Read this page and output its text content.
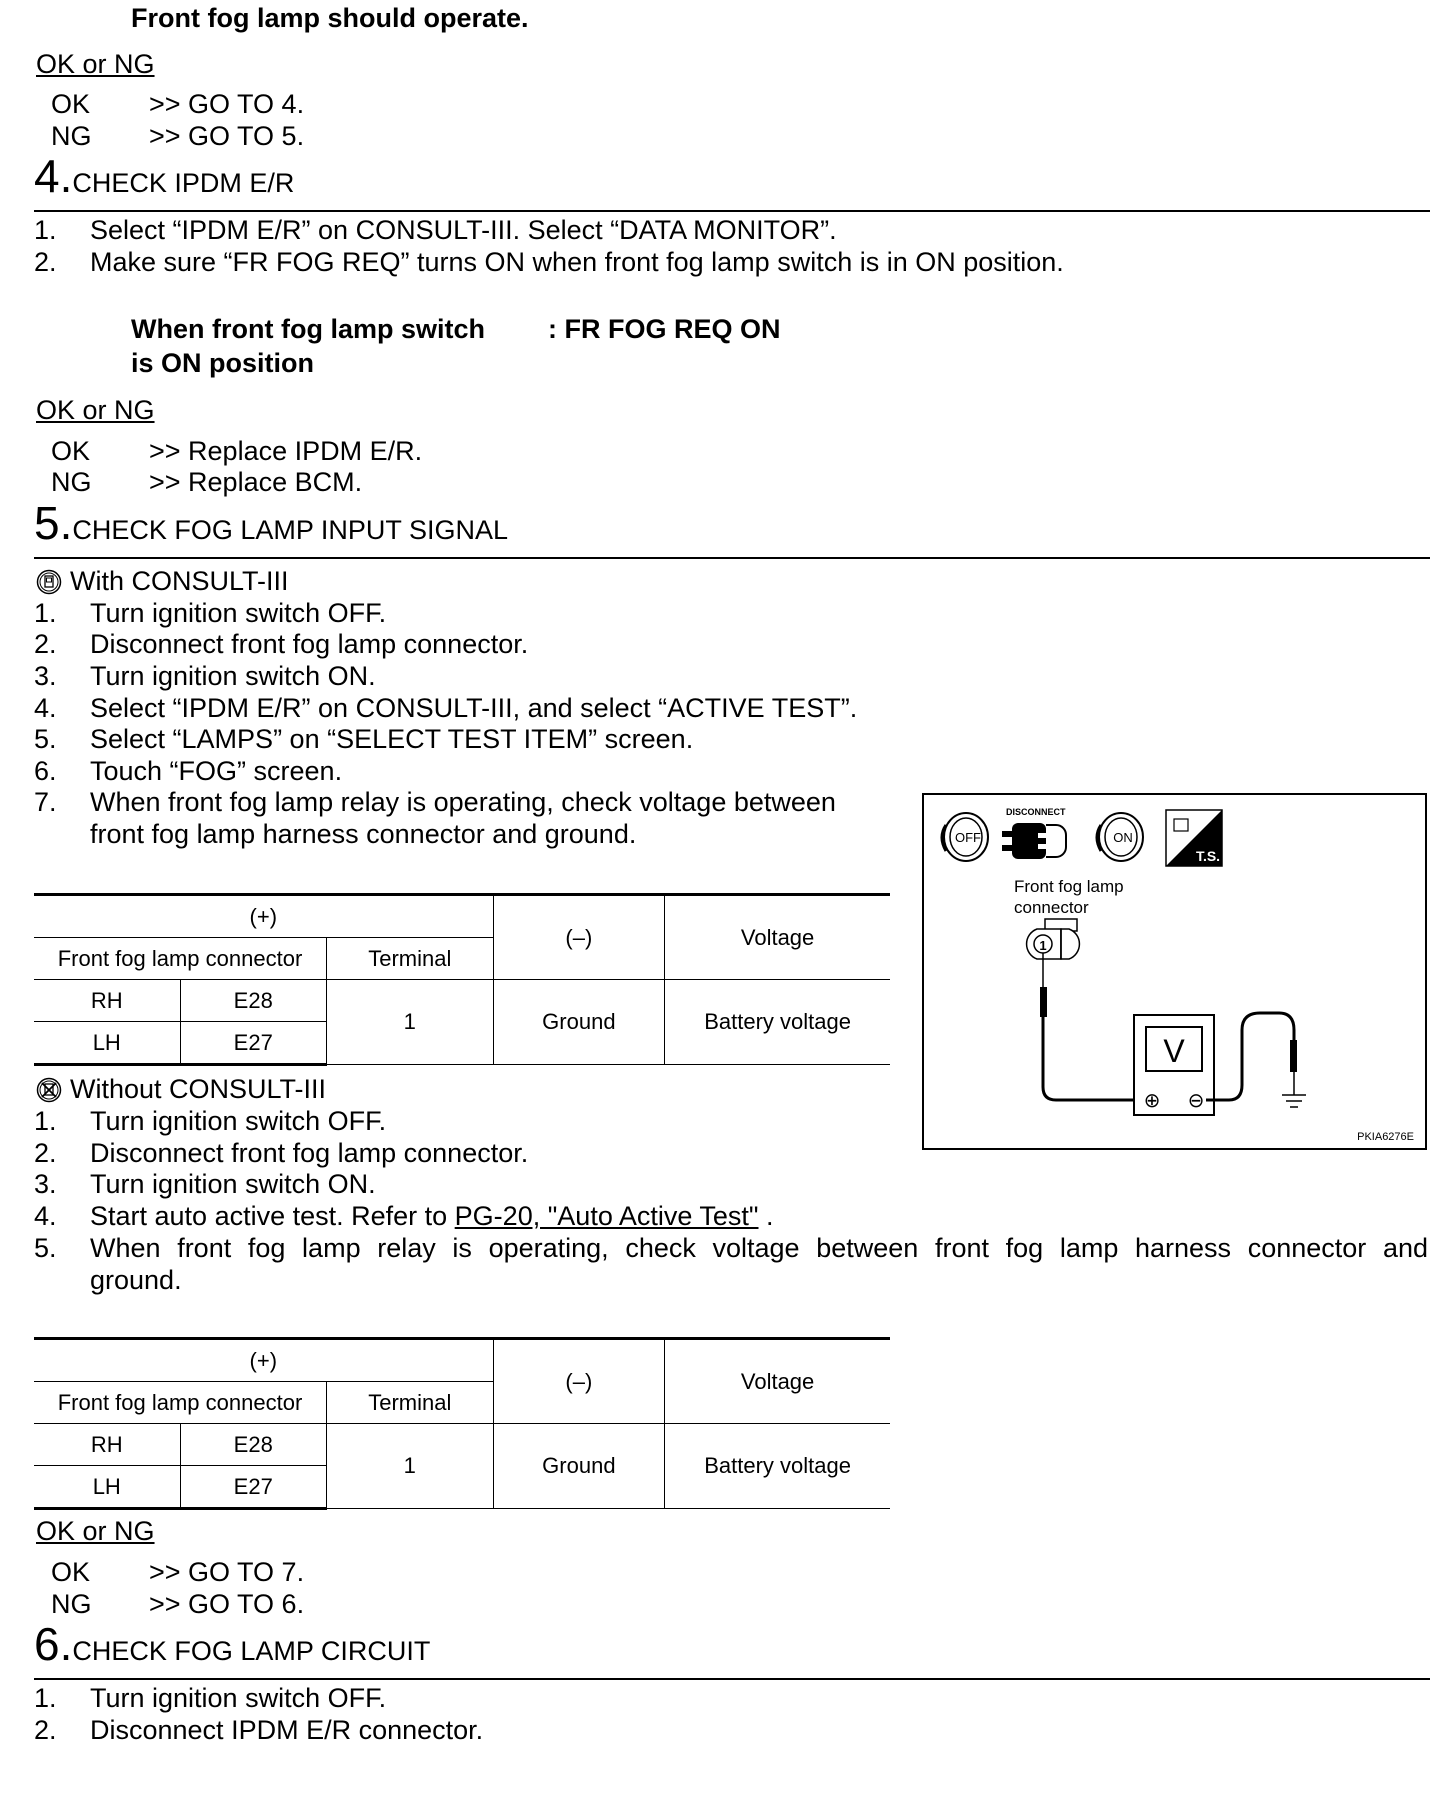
Front fog lamp should operate.
OK or NG
OK >> GO TO 4.
NG >> GO TO 5.
4.CHECK IPDM E/R
1. Select “IPDM E/R” on CONSULT-III. Select “DATA MONITOR”.
2. Make sure “FR FOG REQ” turns ON when front fog lamp switch is in ON position.
When front fog lamp switch
is ON position
: FR FOG REQ ON
OK or NG
OK >> Replace IPDM E/R.
NG >> Replace BCM.
5.CHECK FOG LAMP INPUT SIGNAL
With CONSULT-III
1. Turn ignition switch OFF.
2. Disconnect front fog lamp connector.
3. Turn ignition switch ON.
4. Select “IPDM E/R” on CONSULT-III, and select “ACTIVE TEST”.
5. Select “LAMPS” on “SELECT TEST ITEM” screen.
6. Touch “FOG” screen.
7. When front fog lamp relay is operating, check voltage between
front fog lamp harness connector and ground.
(+)			(–)	Voltage
Front fog lamp connector		Terminal		
RH	E28	1	Ground	Battery voltage
LH	E27			
OFF
DISCONNECT
ON
T.S.
Front fog lamp
connector
1
V
⊕ ⊖
PKIA6276E
Without CONSULT-III
1. Turn ignition switch OFF.
2. Disconnect front fog lamp connector.
3. Turn ignition switch ON.
4. Start auto active test. Refer to PG-20, "Auto Active Test" .
5. When front fog lamp relay is operating, check voltage between front fog lamp harness connector and
ground.
(+)			(–)	Voltage
Front fog lamp connector		Terminal		
RH	E28	1	Ground	Battery voltage
LH	E27			
OK or NG
OK >> GO TO 7.
NG >> GO TO 6.
6.CHECK FOG LAMP CIRCUIT
1. Turn ignition switch OFF.
2. Disconnect IPDM E/R connector.
